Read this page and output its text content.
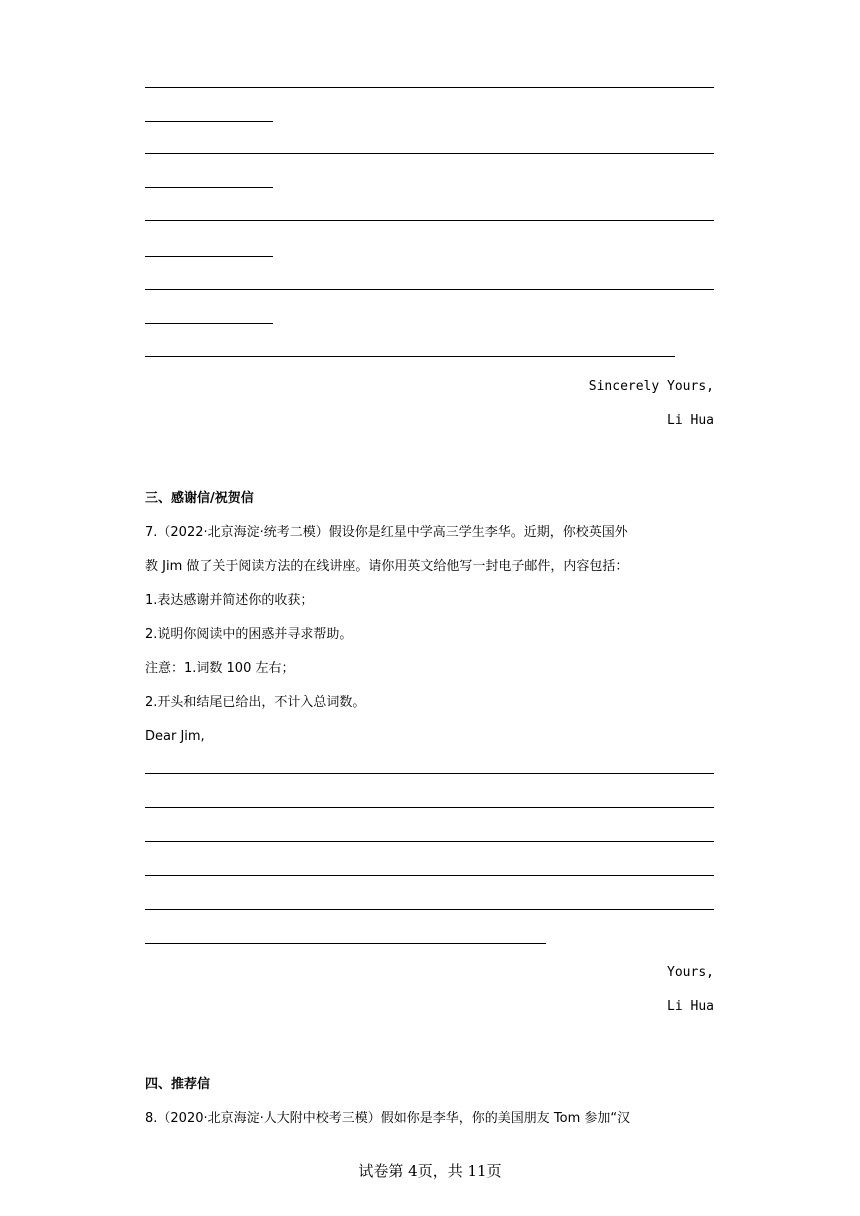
Sincerely Yours,
Li Hua
三、感谢信/祝贺信
7.（2022·北京海淀·统考二模）假设你是红星中学高三学生李华。近期，你校英国外
教 Jim 做了关于阅读方法的在线讲座。请你用英文给他写一封电子邮件，内容包括：
1.表达感谢并简述你的收获；
2.说明你阅读中的困惑并寻求帮助。
注意：1.词数 100 左右；
2.开头和结尾已给出，不计入总词数。
Dear Jim,
Yours,
Li Hua
四、推荐信
8.（2020·北京海淀·人大附中校考三模）假如你是李华，你的美国朋友 Tom 参加“汉
试卷第 4页，共 11页
